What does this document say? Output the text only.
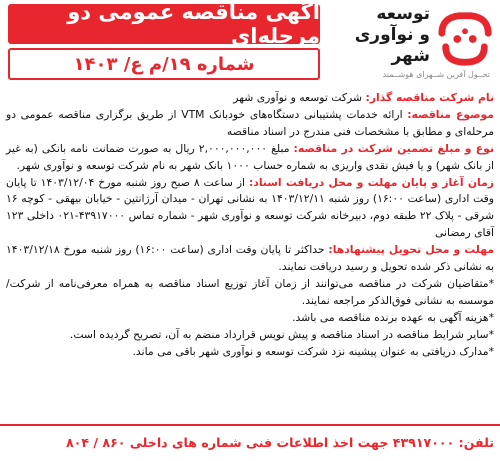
آگهی مناقصه عمومی دو مرحله‌ای
شماره ۱۹/م ع/ ۱۴۰۳
توسعه
و نوآوری
شهر
تحــول آفرین شــهرای هوشــمند

نام شرکت مناقصه گذار: شرکت توسعه و نوآوری شهر

موضوع مناقصه: ارائه خدمات پشتیبانی دستگاه‌های خودبانک VTM از طریق برگزاری مناقصه عمومی دو مرحله‌ای و مطابق با مشخصات فنی مندرج در اسناد مناقصه

نوع و مبلغ تضمین شرکت در مناقصه: مبلغ ۲,۰۰۰,۰۰۰,۰۰۰ ریال به صورت ضمانت نامه بانکی (به غیر از بانک شهر) و یا فیش نقدی واریزی به شماره حساب ۱۰۰۰ بانک شهر به نام شرکت توسعه و نوآوری شهر.

زمان آغاز و پایان مهلت و محل دریافت اسناد: از ساعت ۸ صبح روز شنبه مورخ ۱۴۰۳/۱۲/۰۴ تا پایان وقت اداری (ساعت ۱۶:۰۰) روز شنبه ۱۴۰۳/۱۲/۱۱ به نشانی تهران - میدان آرژانتین - خیابان بیهقی - کوچه ۱۶ شرقی - پلاک ۲۲ طبقه دوم، دبیرخانه شرکت توسعه و نوآوری شهر - شماره تماس ۴۳۹۱۷۰۰۰-۰۲۱ داخلی ۱۲۳ آقای رمضانی

مهلت و محل تحویل پیشنهادها: حداکثر تا پایان وقت اداری (ساعت ۱۶:۰۰) روز شنبه مورخ ۱۴۰۳/۱۲/۱۸ به نشانی ذکر شده تحویل و رسید دریافت نمایند.

*متقاضیان شرکت در مناقصه می‌توانند از زمان آغاز توزیع اسناد مناقصه به همراه معرفی‌نامه از شرکت/ موسسه به نشانی فوق‌الذکر مراجعه نمایند.

*هزینه آگهی به عهده برنده مناقصه می باشد.

*سایر شرایط مناقصه در اسناد مناقصه و پیش نویس قرارداد منضم به آن، تصریح گردیده است.

*مدارک دریافتی به عنوان پیشینه نزد شرکت توسعه و نوآوری شهر باقی می ماند.

تلفن: ۴۳۹۱۷۰۰۰ جهت اخذ اطلاعات فنی شماره های داخلی ۸۶۰ / ۸۰۴
